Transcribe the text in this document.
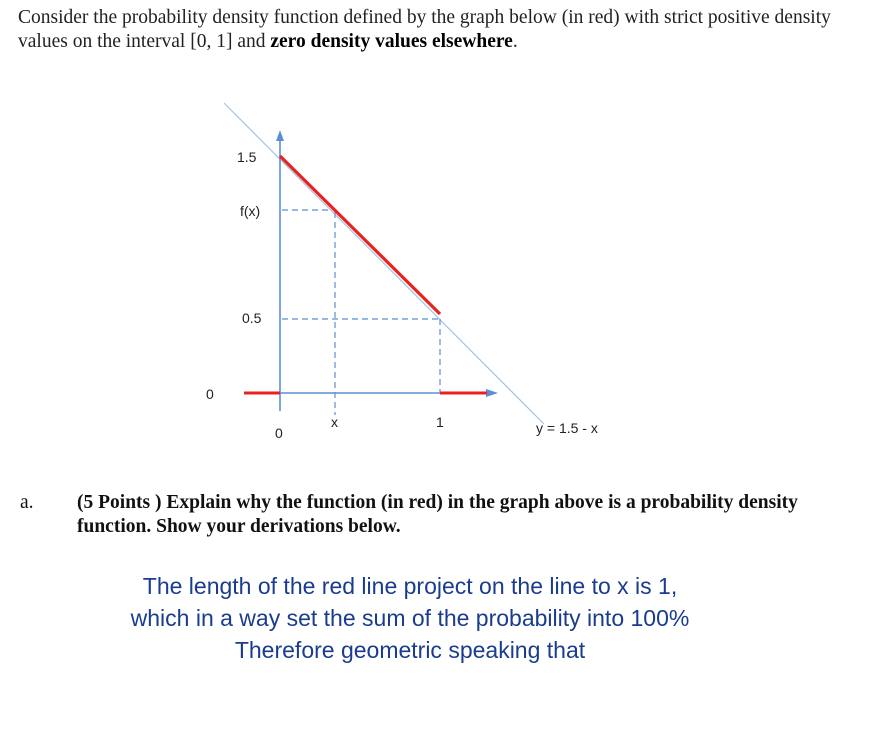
Consider the probability density function defined by the graph below (in red) with strict positive density values on the interval [0, 1] and zero density values elsewhere.
1.5
f(x)
0.5
0
0
x	1	y = 1.5 - x
a. (5 Points ) Explain why the function (in red) in the graph above is a probability density function. Show your derivations below.
The length of the red line project on the line to x is 1,
which in a way set the sum of the probability into 100%
Therefore geometric speaking that
